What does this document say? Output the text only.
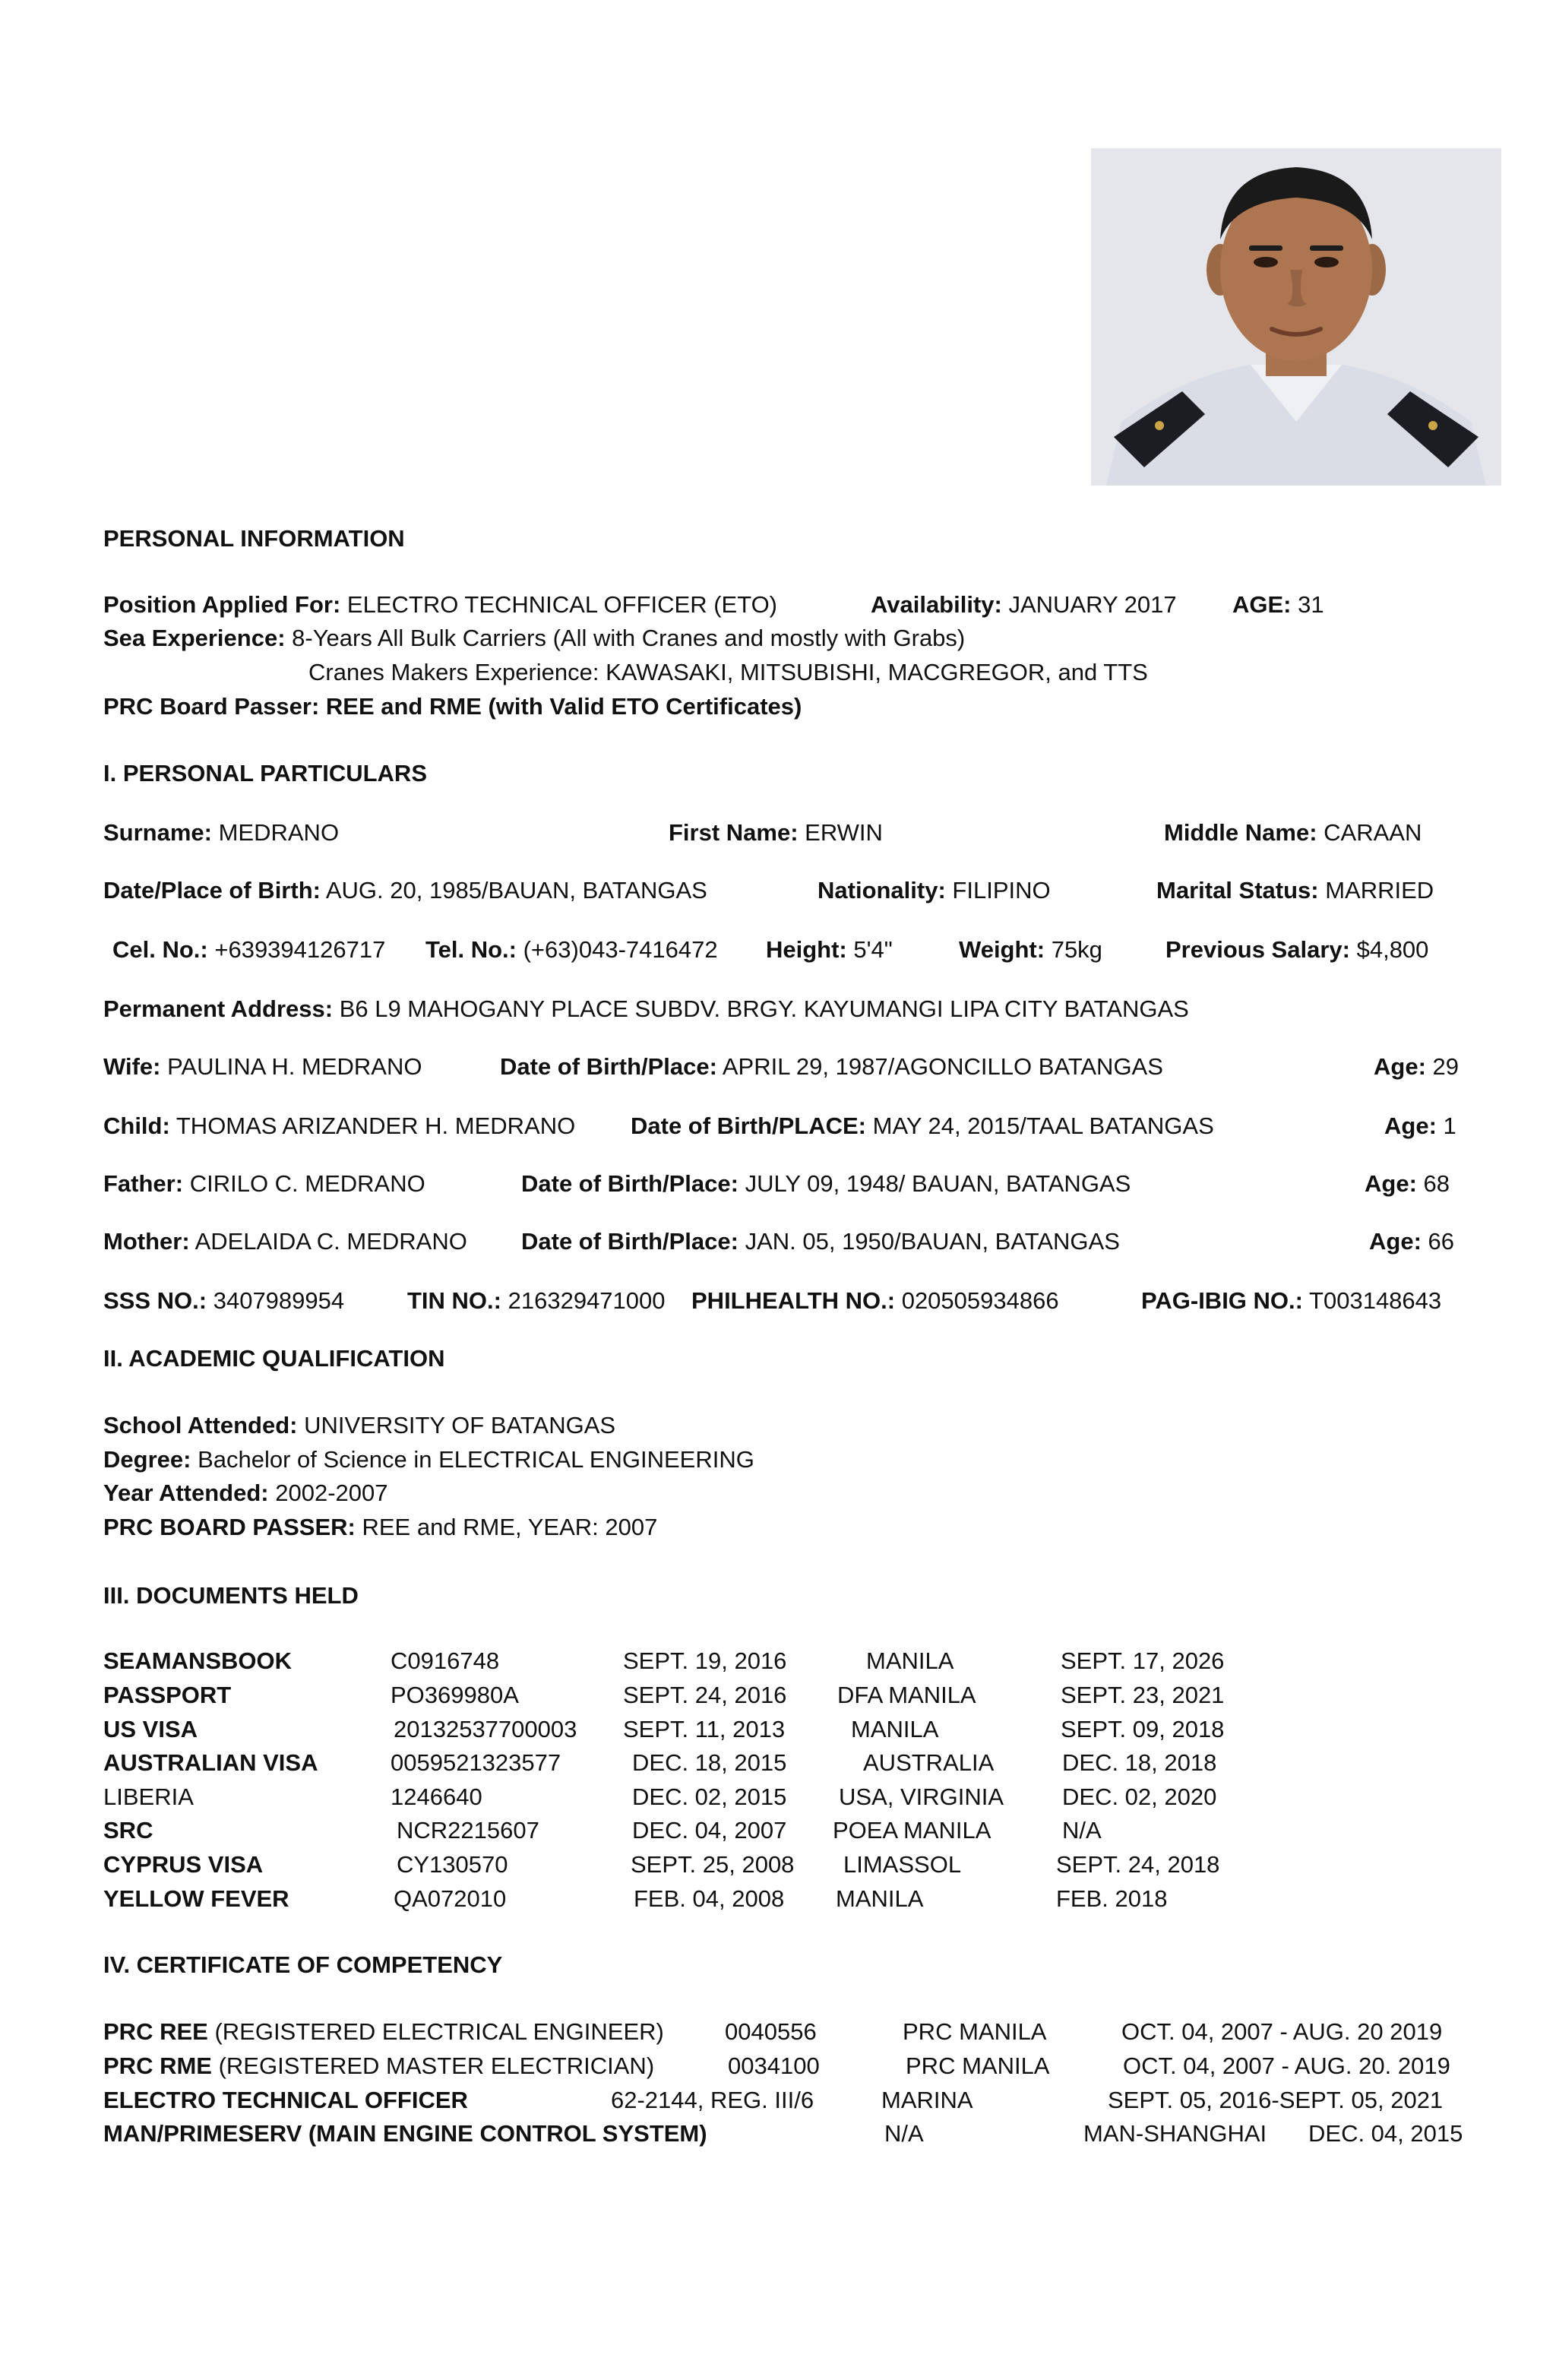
PERSONAL INFORMATION
Position Applied For: ELECTRO TECHNICAL OFFICER (ETO)	Availability: JANUARY 2017 AGE: 31
Sea Experience: 8-Years All Bulk Carriers (All with Cranes and mostly with Grabs)
Cranes Makers Experience: KAWASAKI, MITSUBISHI, MACGREGOR, and TTS
PRC Board Passer: REE and RME (with Valid ETO Certificates)
I. PERSONAL PARTICULARS
Surname: MEDRANO	First Name: ERWIN	Middle Name: CARAAN
Date/Place of Birth: AUG. 20, 1985/BAUAN, BATANGAS	Nationality: FILIPINO	Marital Status: MARRIED
Cel. No.: +639394126717 Tel. No.: (+63)043-7416472 Height: 5'4"	Weight: 75kg	Previous Salary: $4,800
Permanent Address: B6 L9 MAHOGANY PLACE SUBDV. BRGY. KAYUMANGI LIPA CITY BATANGAS
Wife: PAULINA H. MEDRANO	Date of Birth/Place: APRIL 29, 1987/AGONCILLO BATANGAS	Age: 29
Child: THOMAS ARIZANDER H. MEDRANO Date of Birth/PLACE: MAY 24, 2015/TAAL BATANGAS	Age: 1
Father: CIRILO C. MEDRANO	Date of Birth/Place: JULY 09, 1948/ BAUAN, BATANGAS	Age: 68
Mother: ADELAIDA C. MEDRANO Date of Birth/Place: JAN. 05, 1950/BAUAN, BATANGAS	Age: 66
SSS NO.: 3407989954	TIN NO.: 216329471000 PHILHEALTH NO.: 020505934866	PAG-IBIG NO.: T003148643
II. ACADEMIC QUALIFICATION
School Attended: UNIVERSITY OF BATANGAS
Degree: Bachelor of Science in ELECTRICAL ENGINEERING
Year Attended: 2002-2007
PRC BOARD PASSER: REE and RME, YEAR: 2007
III. DOCUMENTS HELD
SEAMANSBOOK	C0916748	SEPT. 19, 2016	MANILA	SEPT. 17, 2026
PASSPORT	PO369980A	SEPT. 24, 2016 DFA MANILA	SEPT. 23, 2021
US VISA	20132537700003 SEPT. 11, 2013	MANILA	SEPT. 09, 2018
AUSTRALIAN VISA	0059521323577	DEC. 18, 2015	AUSTRALIA	DEC. 18, 2018
LIBERIA	1246640	DEC. 02, 2015 USA, VIRGINIA DEC. 02, 2020
SRC	NCR2215607	DEC. 04, 2007 POEA MANILA	N/A
CYPRUS VISA	CY130570	SEPT. 25, 2008 LIMASSOL	SEPT. 24, 2018
YELLOW FEVER	QA072010	FEB. 04, 2008 MANILA	FEB. 2018
IV. CERTIFICATE OF COMPETENCY
PRC REE (REGISTERED ELECTRICAL ENGINEER)	0040556	PRC MANILA	OCT. 04, 2007 - AUG. 20 2019
PRC RME (REGISTERED MASTER ELECTRICIAN)	0034100	PRC MANILA	OCT. 04, 2007 - AUG. 20. 2019
ELECTRO TECHNICAL OFFICER	62-2144, REG. III/6	MARINA	SEPT. 05, 2016-SEPT. 05, 2021
MAN/PRIMESERV (MAIN ENGINE CONTROL SYSTEM)	N/A	MAN-SHANGHAI DEC. 04, 2015
